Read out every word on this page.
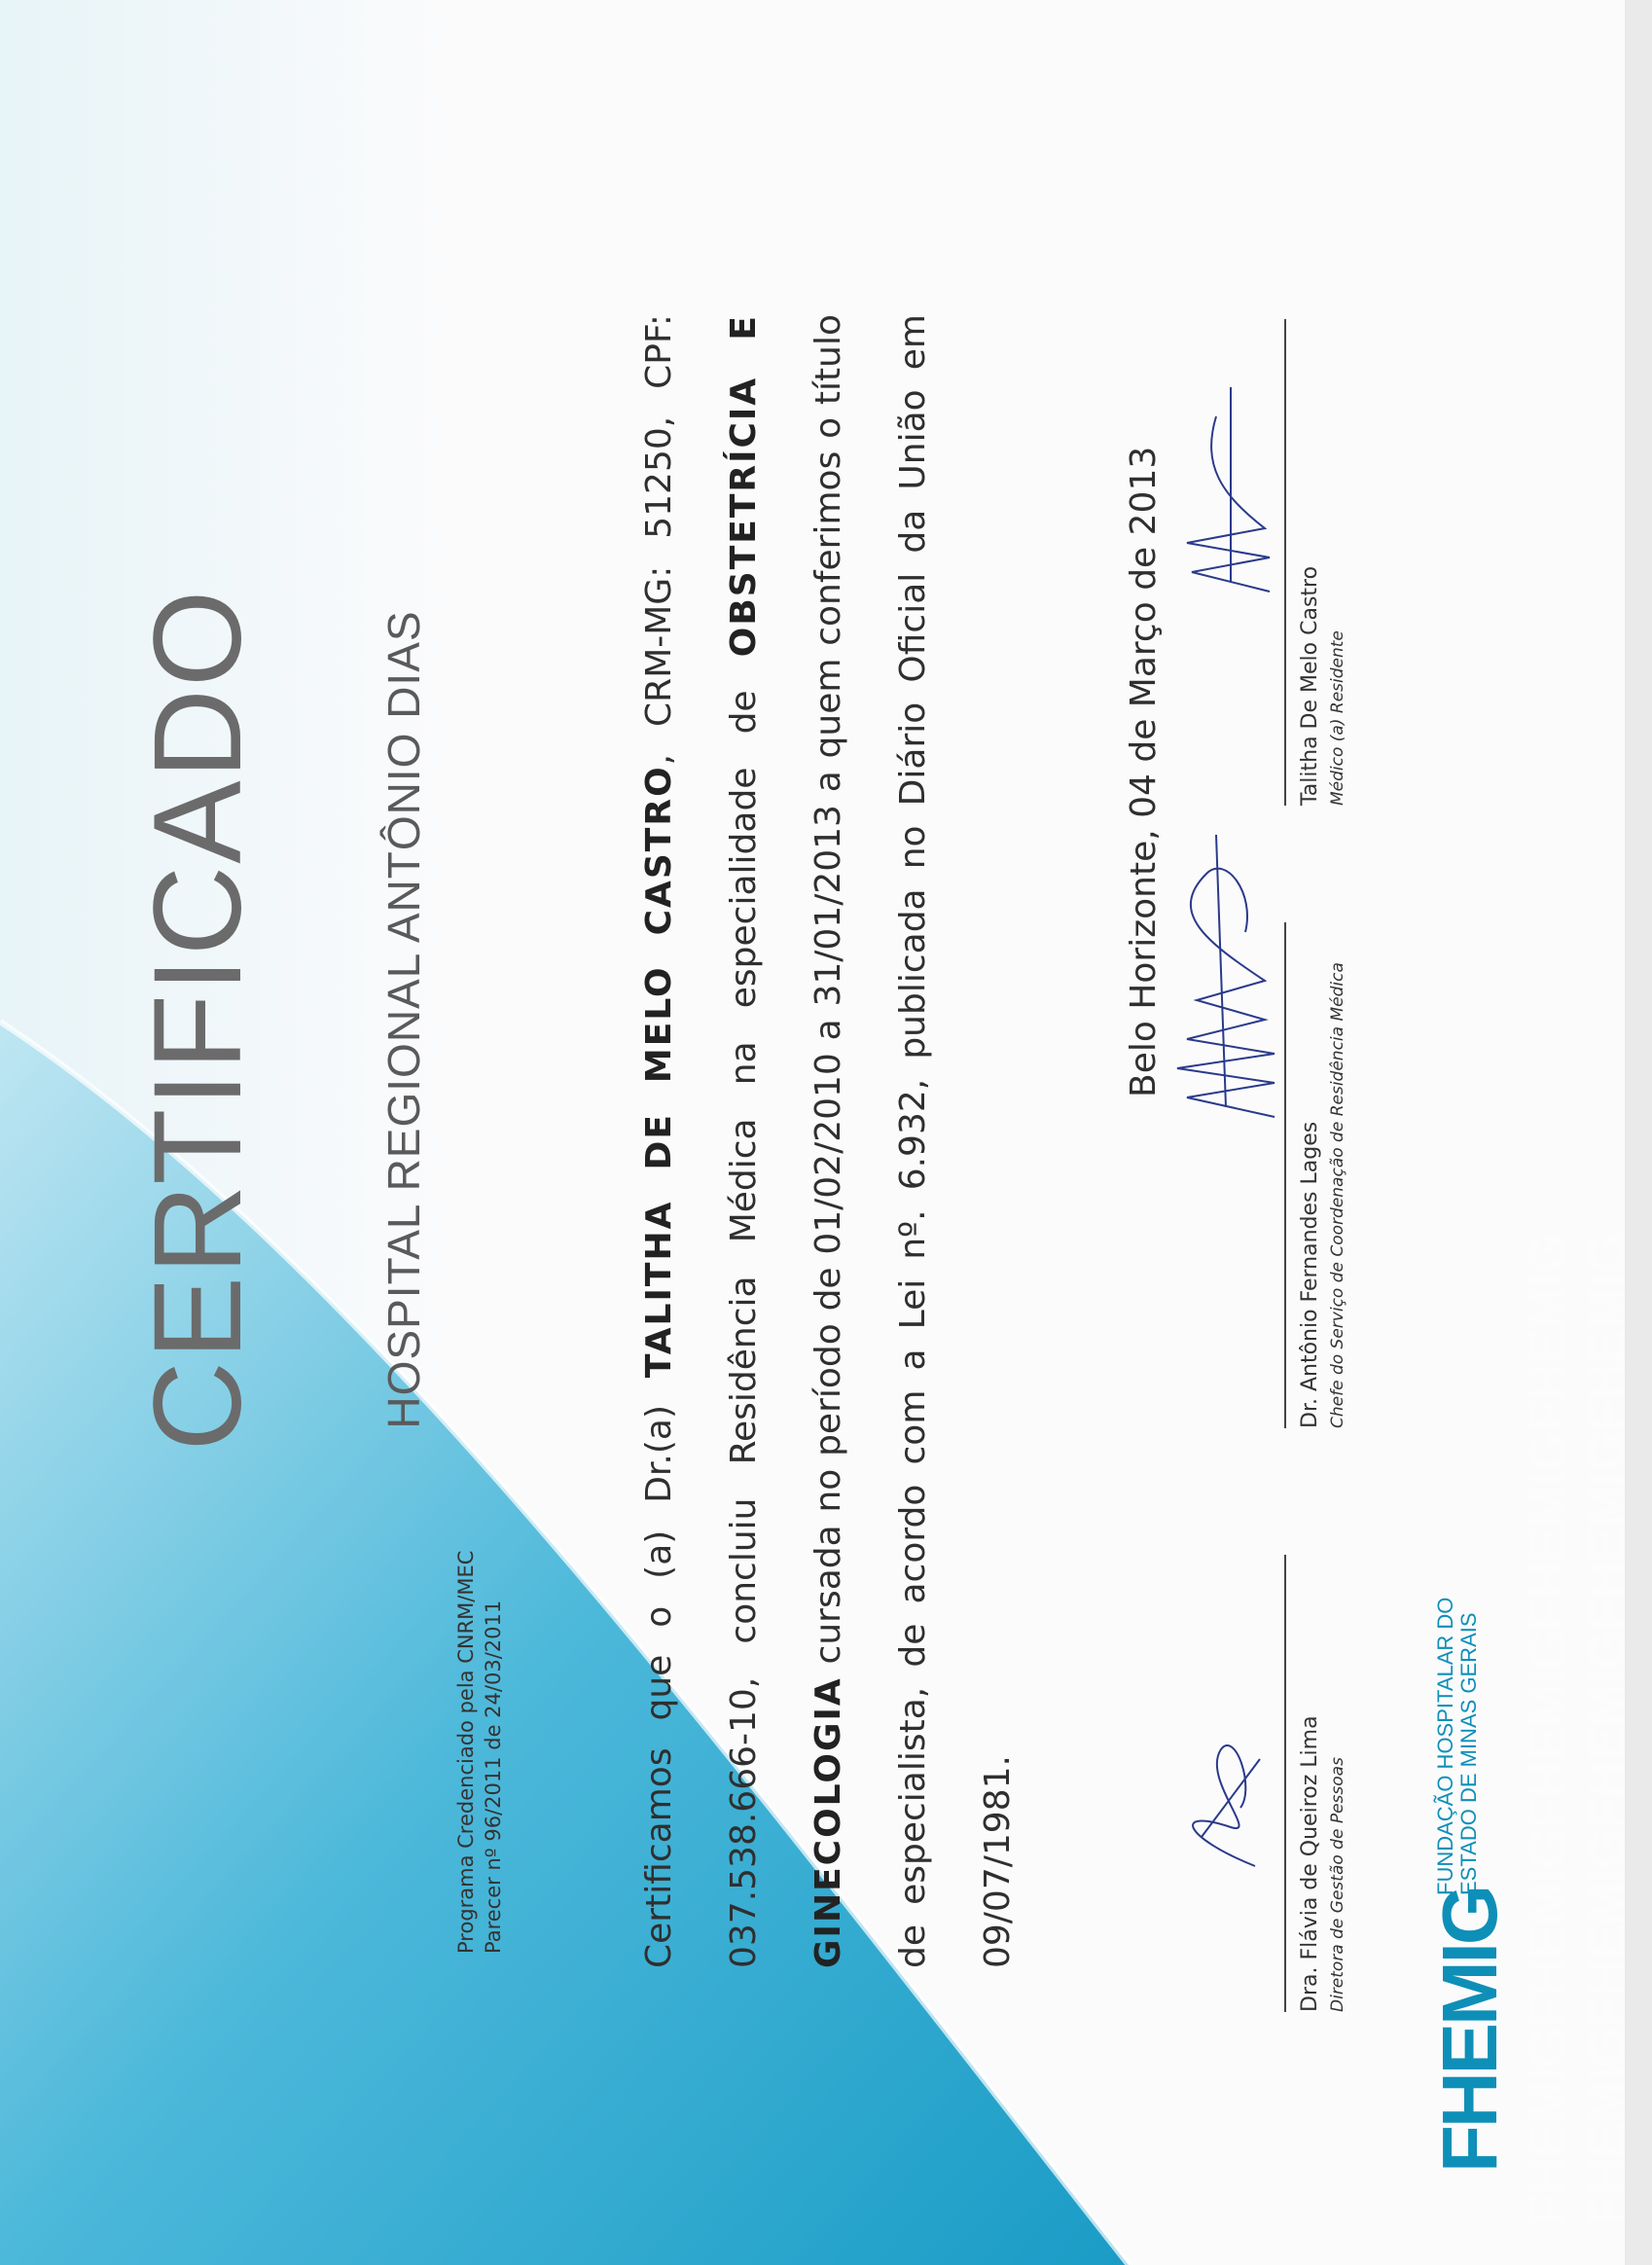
FHEMIGFHEMIGFHEMIGFHEMIGFHEMIG FHEMIGFHEMIGFHEMIGFHEMIGFHEMIG
CERTIFICADO HOSPITAL REGIONAL ANTÔNIO DIAS
Programa Credenciado pela CNRM/MEC Parecer nº 96/2011 de 24/03/2011	Certificamos que o (a) Dr.(a) TALITHA DE MELO CASTRO, CRM-MG: 51250, CPF: 037.538.666-10, concluiu Residência Médica na especialidade de OBSTETRÍCIA E GINECOLOGIA cursada no período de 01/02/2010 a 31/01/2013 a quem conferimos o título de especialista, de acordo com a Lei nº. 6.932, publicada no Diário Oficial da União em 09/07/1981.
Belo Horizonte, 04 de Março de 2013
Dra. Flávia de Queiroz Lima Diretora de Gestão de Pessoas
Dr. Antônio Fernandes Lages Chefe do Serviço de Coordenação de Residência Médica
Talitha De Melo Castro Médico (a) Residente
FHEMIG
FUNDAÇÃO HOSPITALAR DO ESTADO DE MINAS GERAIS
